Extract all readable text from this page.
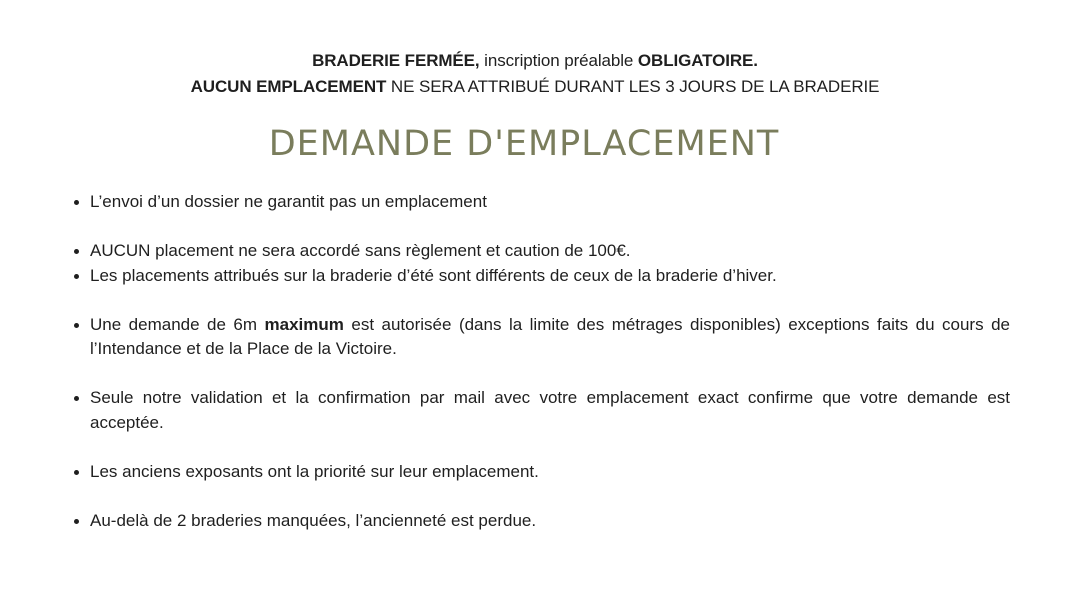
BRADERIE FERMÉE, inscription préalable OBLIGATOIRE.
AUCUN EMPLACEMENT NE SERA ATTRIBUÉ DURANT LES 3 JOURS DE LA BRADERIE
DEMANDE D'EMPLACEMENT
L’envoi d’un dossier ne garantit pas un emplacement
AUCUN placement ne sera accordé sans règlement et caution de 100€.
Les placements attribués sur la braderie d’été sont différents de ceux de la braderie d’hiver.
Une demande de 6m maximum est autorisée (dans la limite des métrages disponibles) exceptions faits du cours de l’Intendance et de la Place de la Victoire.
Seule notre validation et la confirmation par mail avec votre emplacement exact confirme que votre demande est acceptée.
Les anciens exposants ont la priorité sur leur emplacement.
Au-delà de 2 braderies manquées, l’ancienneté est perdue.
